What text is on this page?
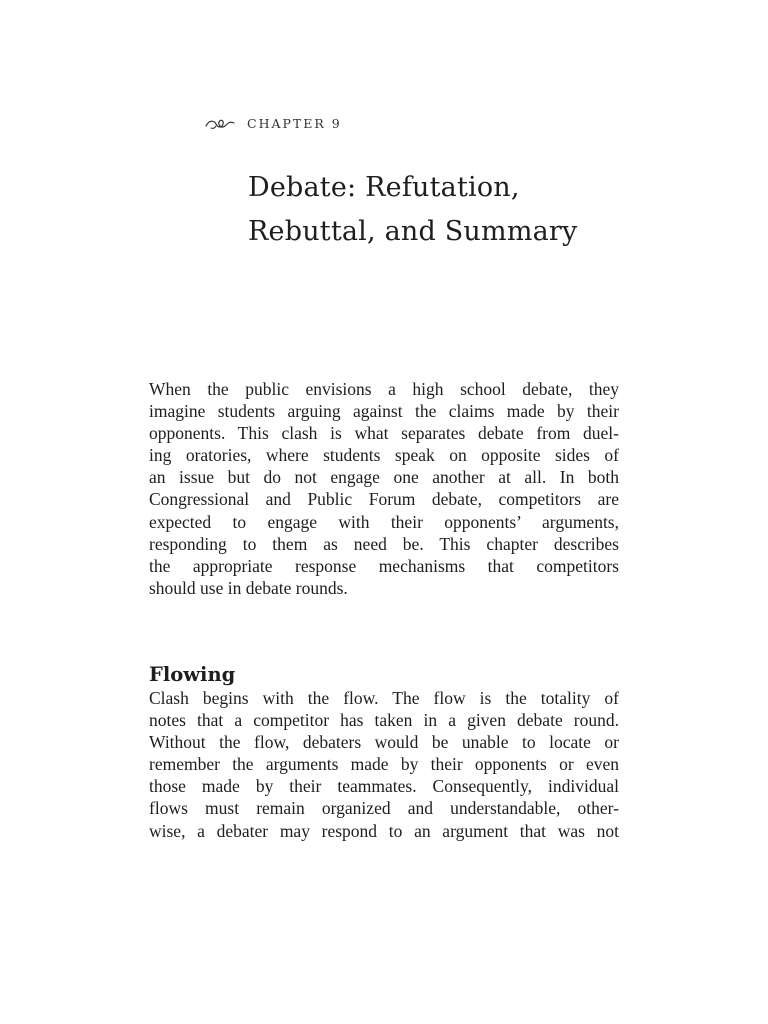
CHAPTER 9
Debate: Refutation,
Rebuttal, and Summary
When the public envisions a high school debate, they
imagine students arguing against the claims made by their
opponents. This clash is what separates debate from duel-
ing oratories, where students speak on opposite sides of
an issue but do not engage one another at all. In both
Congressional and Public Forum debate, competitors are
expected to engage with their opponents’ arguments,
responding to them as need be. This chapter describes
the appropriate response mechanisms that competitors
should use in debate rounds.
Flowing
Clash begins with the flow. The flow is the totality of
notes that a competitor has taken in a given debate round.
Without the flow, debaters would be unable to locate or
remember the arguments made by their opponents or even
those made by their teammates. Consequently, individual
flows must remain organized and understandable, other-
wise, a debater may respond to an argument that was not
